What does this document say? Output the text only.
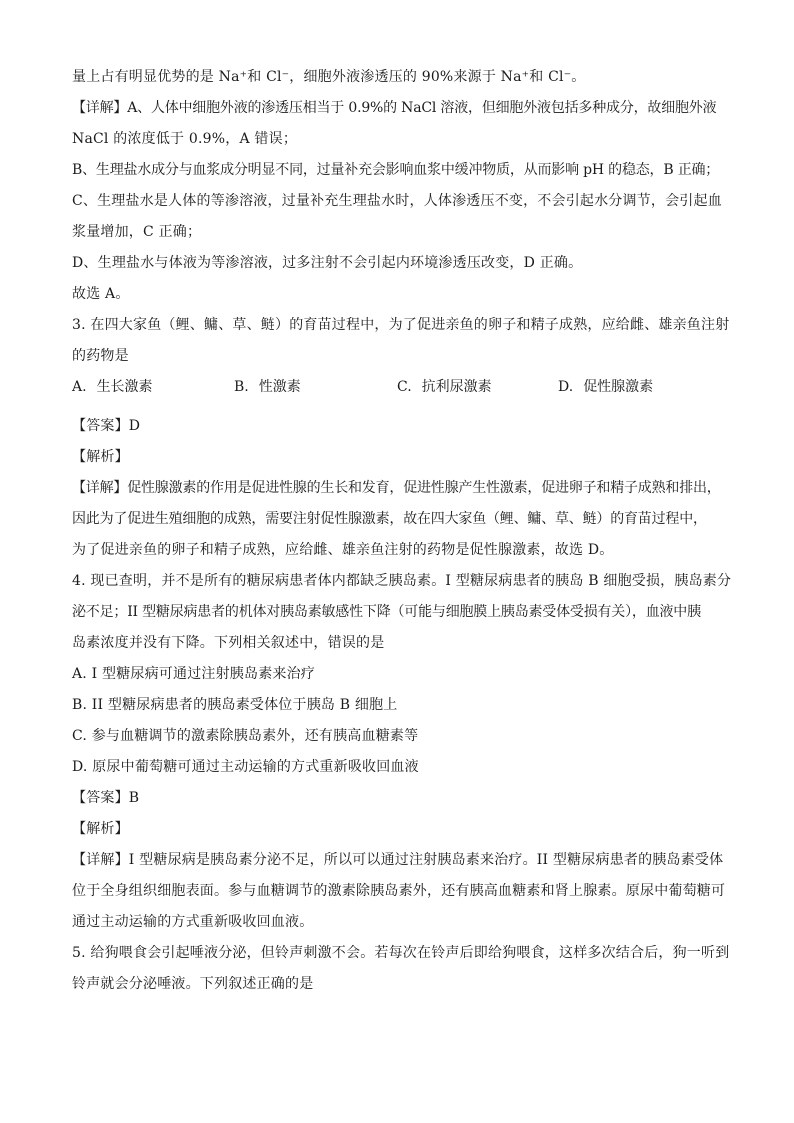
量上占有明显优势的是 Na⁺和 Cl⁻，细胞外液渗透压的 90%来源于 Na⁺和 Cl⁻。
【详解】A、人体中细胞外液的渗透压相当于 0.9%的 NaCl 溶液，但细胞外液包括多种成分，故细胞外液
NaCl 的浓度低于 0.9%，A 错误；
B、生理盐水成分与血浆成分明显不同，过量补充会影响血浆中缓冲物质，从而影响 pH 的稳态，B 正确；
C、生理盐水是人体的等渗溶液，过量补充生理盐水时，人体渗透压不变，不会引起水分调节，会引起血
浆量增加，C 正确；
D、生理盐水与体液为等渗溶液，过多注射不会引起内环境渗透压改变，D 正确。
故选 A。
3. 在四大家鱼（鲤、鳙、草、鲢）的育苗过程中，为了促进亲鱼的卵子和精子成熟，应给雌、雄亲鱼注射
的药物是
A. 生长激素	B. 性激素	C. 抗利尿激素	D. 促性腺激素
【答案】D
【解析】
【详解】促性腺激素的作用是促进性腺的生长和发育，促进性腺产生性激素，促进卵子和精子成熟和排出，
因此为了促进生殖细胞的成熟，需要注射促性腺激素，故在四大家鱼（鲤、鳙、草、鲢）的育苗过程中，
为了促进亲鱼的卵子和精子成熟，应给雌、雄亲鱼注射的药物是促性腺激素，故选 D。
4. 现已查明，并不是所有的糖尿病患者体内都缺乏胰岛素。I 型糖尿病患者的胰岛 B 细胞受损，胰岛素分
泌不足；II 型糖尿病患者的机体对胰岛素敏感性下降（可能与细胞膜上胰岛素受体受损有关），血液中胰
岛素浓度并没有下降。下列相关叙述中，错误的是
A. I 型糖尿病可通过注射胰岛素来治疗
B. II 型糖尿病患者的胰岛素受体位于胰岛 B 细胞上
C. 参与血糖调节的激素除胰岛素外，还有胰高血糖素等
D. 原尿中葡萄糖可通过主动运输的方式重新吸收回血液
【答案】B
【解析】
【详解】I 型糖尿病是胰岛素分泌不足，所以可以通过注射胰岛素来治疗。II 型糖尿病患者的胰岛素受体
位于全身组织细胞表面。参与血糖调节的激素除胰岛素外，还有胰高血糖素和肾上腺素。原尿中葡萄糖可
通过主动运输的方式重新吸收回血液。
5. 给狗喂食会引起唾液分泌，但铃声刺激不会。若每次在铃声后即给狗喂食，这样多次结合后，狗一听到
铃声就会分泌唾液。下列叙述正确的是
